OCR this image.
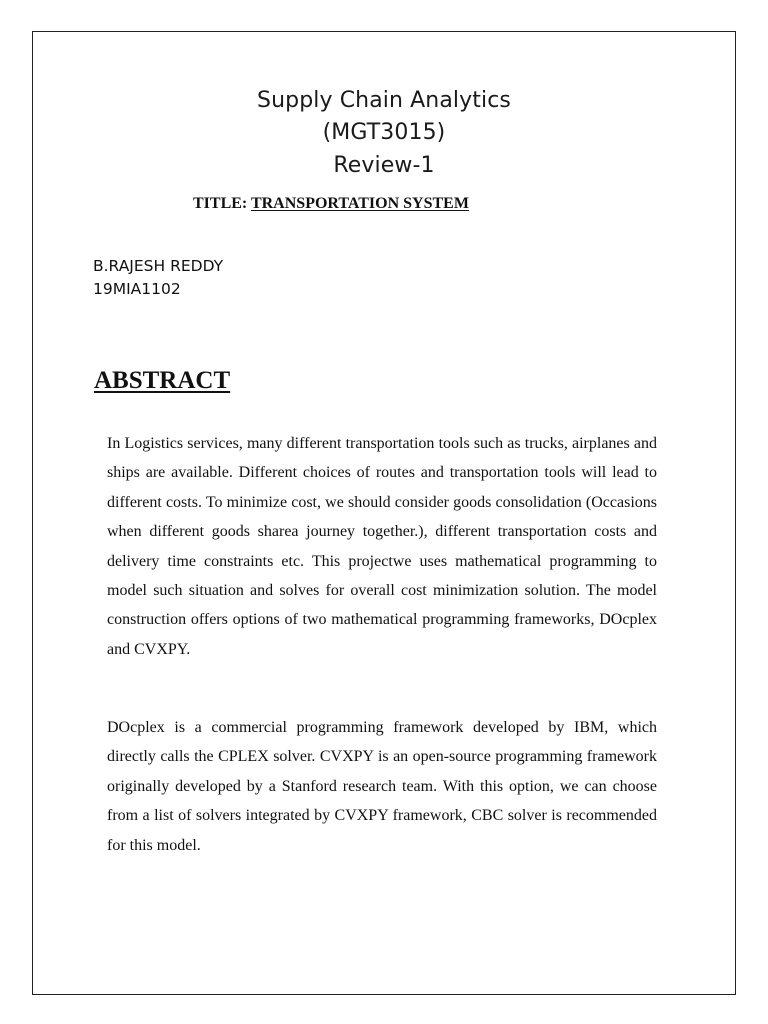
Supply Chain Analytics
(MGT3015)
Review-1
TITLE: TRANSPORTATION SYSTEM
B.RAJESH REDDY
19MIA1102
ABSTRACT
In Logistics services, many different transportation tools such as trucks, airplanes and ships are available. Different choices of routes and transportation tools will lead to different costs. To minimize cost, we should consider goods consolidation (Occasions when different goods sharea journey together.), different transportation costs and delivery time constraints etc. This projectwe uses mathematical programming to model such situation and solves for overall cost minimization solution. The model construction offers options of two mathematical programming frameworks, DOcplex and CVXPY.
DOcplex is a commercial programming framework developed by IBM, which directly calls the CPLEX solver. CVXPY is an open-source programming framework originally developed by a Stanford research team. With this option, we can choose from a list of solvers integrated by CVXPY framework, CBC solver is recommended for this model.
